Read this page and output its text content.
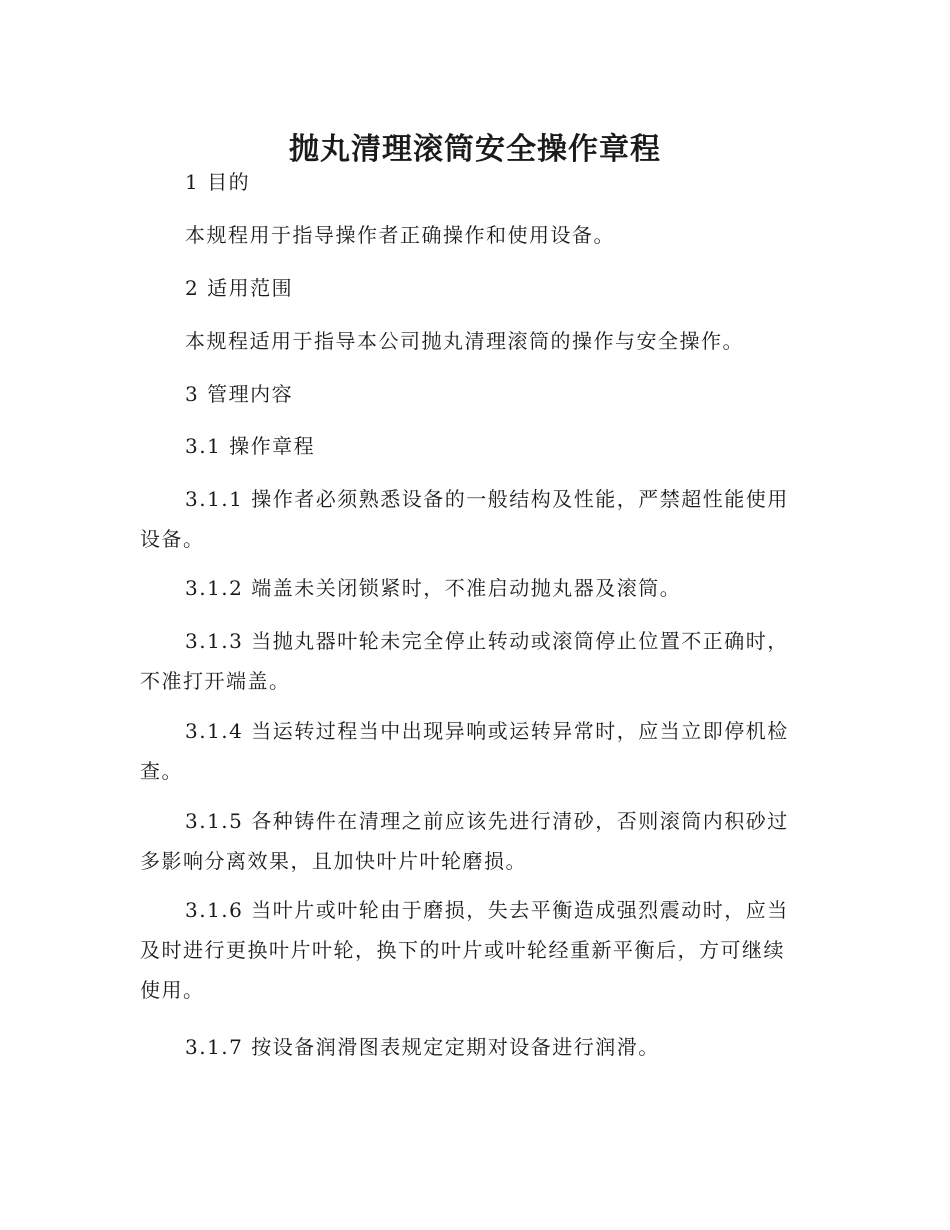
抛丸清理滚筒安全操作章程

1 目的

本规程用于指导操作者正确操作和使用设备。

2 适用范围

本规程适用于指导本公司抛丸清理滚筒的操作与安全操作。

3 管理内容

3.1 操作章程

3.1.1 操作者必须熟悉设备的一般结构及性能，严禁超性能使用设备。

3.1.2 端盖未关闭锁紧时，不准启动抛丸器及滚筒。

3.1.3 当抛丸器叶轮未完全停止转动或滚筒停止位置不正确时，不准打开端盖。

3.1.4 当运转过程当中出现异响或运转异常时，应当立即停机检查。

3.1.5 各种铸件在清理之前应该先进行清砂，否则滚筒内积砂过多影响分离效果，且加快叶片叶轮磨损。

3.1.6 当叶片或叶轮由于磨损，失去平衡造成强烈震动时，应当及时进行更换叶片叶轮，换下的叶片或叶轮经重新平衡后，方可继续使用。

3.1.7 按设备润滑图表规定定期对设备进行润滑。
